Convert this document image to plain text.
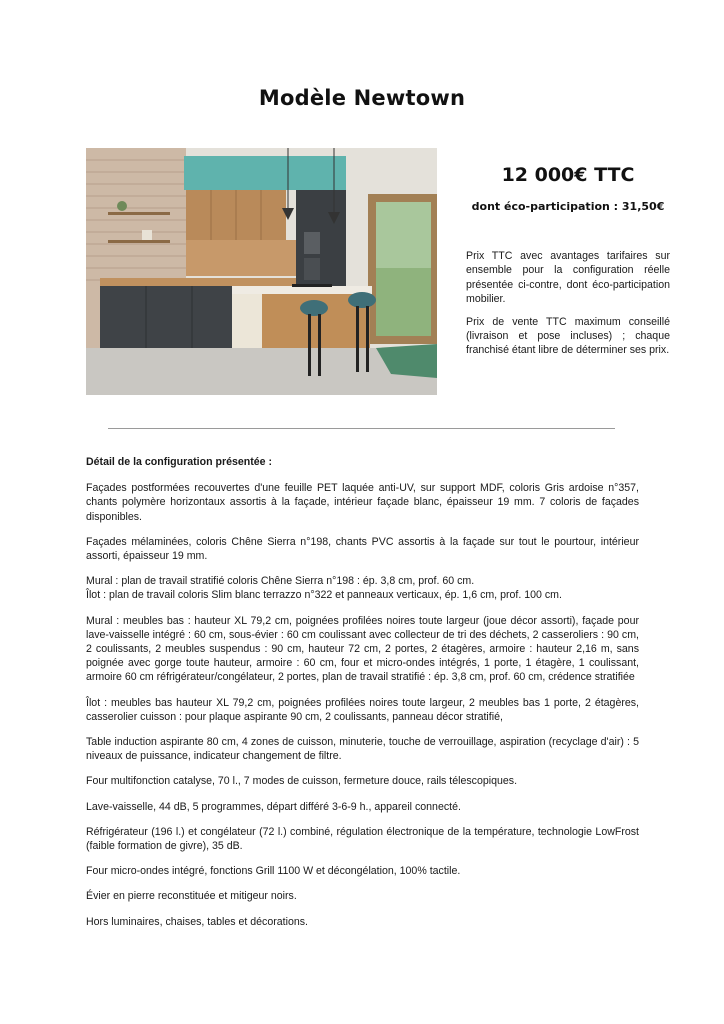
Modèle Newtown
12 000€ TTC
dont éco-participation : 31,50€

Prix TTC avec avantages tarifaires sur ensemble pour la configuration réelle présentée ci-contre, dont éco-participation mobilier.

Prix de vente TTC maximum conseillé (livraison et pose incluses) ; chaque franchisé étant libre de déterminer ses prix.

Détail de la configuration présentée :

Façades postformées recouvertes d'une feuille PET laquée anti-UV, sur support MDF, coloris Gris ardoise n°357, chants polymère horizontaux assortis à la façade, intérieur façade blanc, épaisseur 19 mm. 7 coloris de façades disponibles.

Façades mélaminées, coloris Chêne Sierra n°198, chants PVC assortis à la façade sur tout le pourtour, intérieur assorti, épaisseur 19 mm.

Mural : plan de travail stratifié coloris Chêne Sierra n°198 : ép. 3,8 cm, prof. 60 cm.
Îlot : plan de travail coloris Slim blanc terrazzo n°322 et panneaux verticaux, ép. 1,6 cm, prof. 100 cm.

Mural : meubles bas : hauteur XL 79,2 cm, poignées profilées noires toute largeur (joue décor assorti), façade pour lave-vaisselle intégré : 60 cm, sous-évier : 60 cm coulissant avec collecteur de tri des déchets, 2 casseroliers : 90 cm, 2 coulissants, 2 meubles suspendus : 90 cm, hauteur 72 cm, 2 portes, 2 étagères, armoire : hauteur 2,16 m, sans poignée avec gorge toute hauteur, armoire : 60 cm, four et micro-ondes intégrés, 1 porte, 1 étagère, 1 coulissant, armoire 60 cm réfrigérateur/congélateur, 2 portes, plan de travail stratifié : ép. 3,8 cm, prof. 60 cm, crédence stratifiée

Îlot : meubles bas hauteur XL 79,2 cm, poignées profilées noires toute largeur, 2 meubles bas 1 porte, 2 étagères, casserolier cuisson : pour plaque aspirante 90 cm, 2 coulissants, panneau décor stratifié,

Table induction aspirante 80 cm, 4 zones de cuisson, minuterie, touche de verrouillage, aspiration (recyclage d'air) : 5 niveaux de puissance, indicateur changement de filtre.

Four multifonction catalyse, 70 l., 7 modes de cuisson, fermeture douce, rails télescopiques.

Lave-vaisselle, 44 dB, 5 programmes, départ différé 3-6-9 h., appareil connecté.

Réfrigérateur (196 l.) et congélateur (72 l.) combiné, régulation électronique de la température, technologie LowFrost (faible formation de givre), 35 dB.

Four micro-ondes intégré, fonctions Grill 1100 W et décongélation, 100% tactile.

Évier en pierre reconstituée et mitigeur noirs.

Hors luminaires, chaises, tables et décorations.
